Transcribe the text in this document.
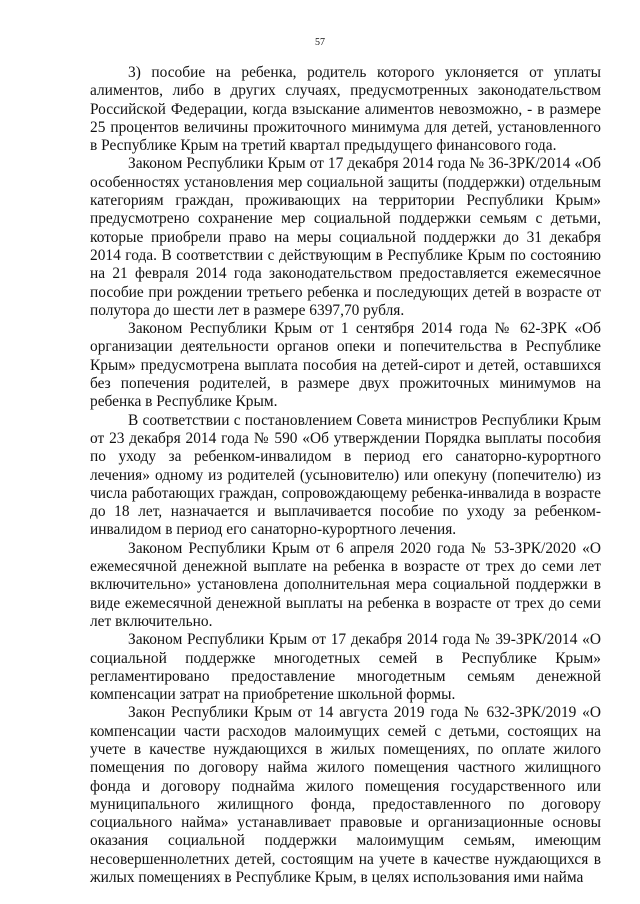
57

3) пособие на ребенка, родитель которого уклоняется от уплаты алиментов, либо в других случаях, предусмотренных законодательством Российской Федерации, когда взыскание алиментов невозможно, - в размере 25 процентов величины прожиточного минимума для детей, установленного в Республике Крым на третий квартал предыдущего финансового года.

Законом Республики Крым от 17 декабря 2014 года № 36-ЗРК/2014 «Об особенностях установления мер социальной защиты (поддержки) отдельным категориям граждан, проживающих на территории Республики Крым» предусмотрено сохранение мер социальной поддержки семьям с детьми, которые приобрели право на меры социальной поддержки до 31 декабря 2014 года. В соответствии с действующим в Республике Крым по состоянию на 21 февраля 2014 года законодательством предоставляется ежемесячное пособие при рождении третьего ребенка и последующих детей в возрасте от полутора до шести лет в размере 6397,70 рубля.

Законом Республики Крым от 1 сентября 2014 года № 62-ЗРК «Об организации деятельности органов опеки и попечительства в Республике Крым» предусмотрена выплата пособия на детей-сирот и детей, оставшихся без попечения родителей, в размере двух прожиточных минимумов на ребенка в Республике Крым.

В соответствии с постановлением Совета министров Республики Крым от 23 декабря 2014 года № 590 «Об утверждении Порядка выплаты пособия по уходу за ребенком-инвалидом в период его санаторно-курортного лечения» одному из родителей (усыновителю) или опекуну (попечителю) из числа работающих граждан, сопровождающему ребенка-инвалида в возрасте до 18 лет, назначается и выплачивается пособие по уходу за ребенком-инвалидом в период его санаторно-курортного лечения.

Законом Республики Крым от 6 апреля 2020 года № 53-ЗРК/2020 «О ежемесячной денежной выплате на ребенка в возрасте от трех до семи лет включительно» установлена дополнительная мера социальной поддержки в виде ежемесячной денежной выплаты на ребенка в возрасте от трех до семи лет включительно.

Законом Республики Крым от 17 декабря 2014 года № 39-ЗРК/2014 «О социальной поддержке многодетных семей в Республике Крым» регламентировано предоставление многодетным семьям денежной компенсации затрат на приобретение школьной формы.

Закон Республики Крым от 14 августа 2019 года № 632-ЗРК/2019 «О компенсации части расходов малоимущих семей с детьми, состоящих на учете в качестве нуждающихся в жилых помещениях, по оплате жилого помещения по договору найма жилого помещения частного жилищного фонда и договору поднайма жилого помещения государственного или муниципального жилищного фонда, предоставленного по договору социального найма» устанавливает правовые и организационные основы оказания социальной поддержки малоимущим семьям, имеющим несовершеннолетних детей, состоящим на учете в качестве нуждающихся в жилых помещениях в Республике Крым, в целях использования ими найма
